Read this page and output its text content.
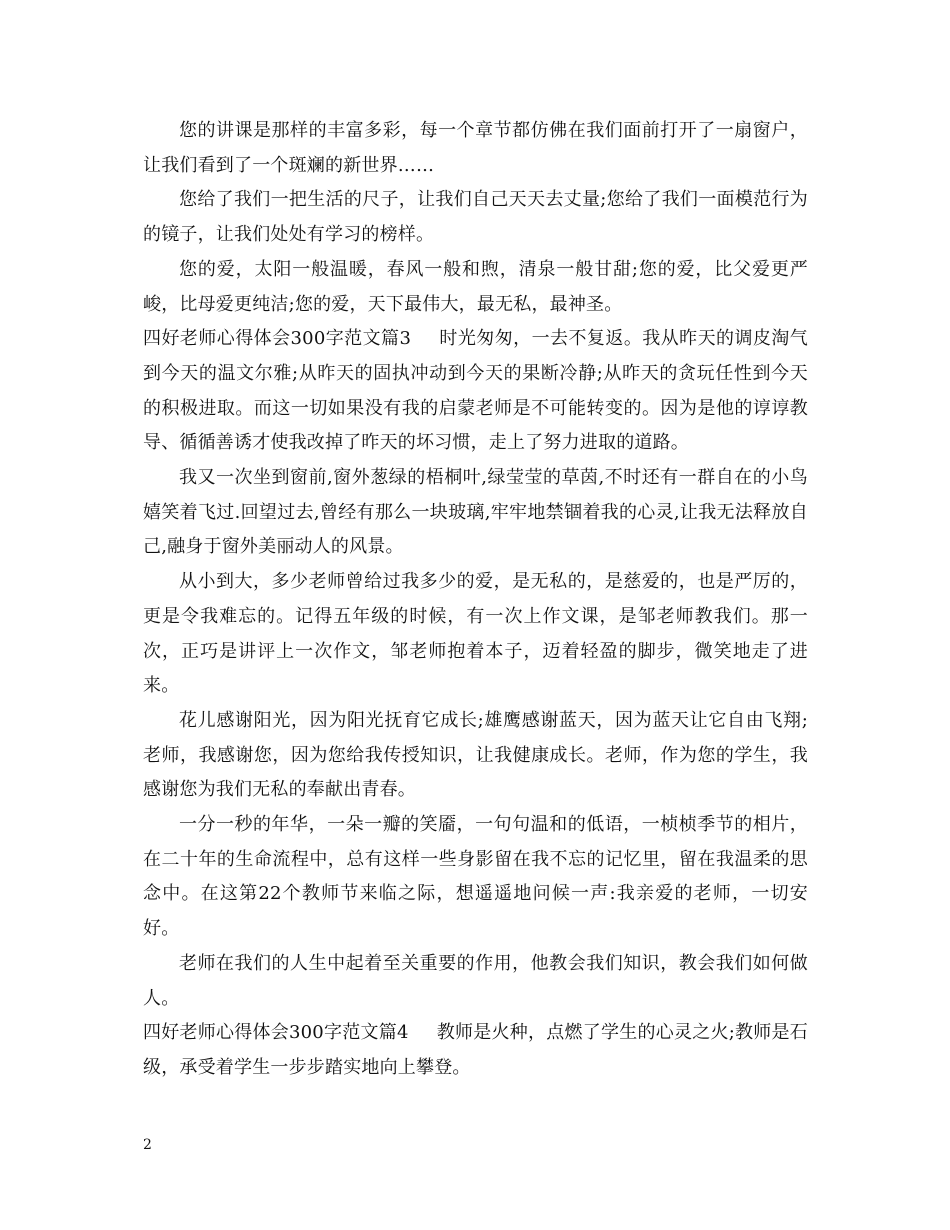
您的讲课是那样的丰富多彩，每一个章节都仿佛在我们面前打开了一扇窗户，让我们看到了一个斑斓的新世界……

您给了我们一把生活的尺子，让我们自己天天去丈量;您给了我们一面模范行为的镜子，让我们处处有学习的榜样。

您的爱，太阳一般温暖，春风一般和煦，清泉一般甘甜;您的爱，比父爱更严峻，比母爱更纯洁;您的爱，天下最伟大，最无私，最神圣。

四好老师心得体会300字范文篇3 时光匆匆，一去不复返。我从昨天的调皮淘气到今天的温文尔雅;从昨天的固执冲动到今天的果断冷静;从昨天的贪玩任性到今天的积极进取。而这一切如果没有我的启蒙老师是不可能转变的。因为是他的谆谆教导、循循善诱才使我改掉了昨天的坏习惯，走上了努力进取的道路。

我又一次坐到窗前,窗外葱绿的梧桐叶,绿莹莹的草茵,不时还有一群自在的小鸟嬉笑着飞过.回望过去,曾经有那么一块玻璃,牢牢地禁锢着我的心灵,让我无法释放自己,融身于窗外美丽动人的风景。

从小到大，多少老师曾给过我多少的爱，是无私的，是慈爱的，也是严厉的，更是令我难忘的。记得五年级的时候，有一次上作文课，是邹老师教我们。那一次，正巧是讲评上一次作文，邹老师抱着本子，迈着轻盈的脚步，微笑地走了进来。

花儿感谢阳光，因为阳光抚育它成长;雄鹰感谢蓝天，因为蓝天让它自由飞翔;老师，我感谢您，因为您给我传授知识，让我健康成长。老师，作为您的学生，我感谢您为我们无私的奉献出青春。

一分一秒的年华，一朵一瓣的笑靥，一句句温和的低语，一桢桢季节的相片，在二十年的生命流程中，总有这样一些身影留在我不忘的记忆里，留在我温柔的思念中。在这第22个教师节来临之际，想遥遥地问候一声:我亲爱的老师，一切安好。

老师在我们的人生中起着至关重要的作用，他教会我们知识，教会我们如何做人。

四好老师心得体会300字范文篇4 教师是火种，点燃了学生的心灵之火;教师是石级，承受着学生一步步踏实地向上攀登。

2
